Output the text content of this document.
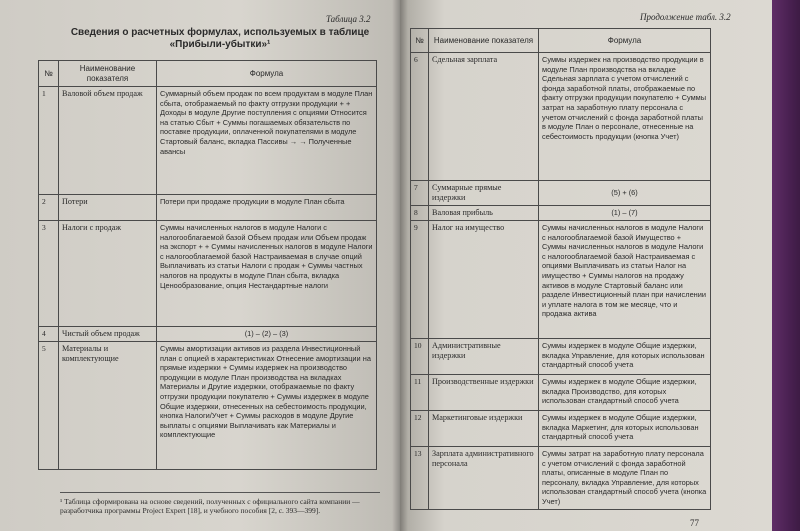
Таблица 3.2
Сведения о расчетных формулах, используемых в таблице
«Прибыли-убытки»¹
№	Наименование показателя	Формула
1	Валовой объем продаж	Суммарный объем продаж по всем продуктам в модуле План сбыта, отображаемый по факту отгрузки продукции + + Доходы в модуле Другие поступления с опциями Относится на статью Сбыт + Суммы погашаемых обязательств по поставке продукции, оплаченной покупателями в модуле Стартовый баланс, вкладка Пассивы → → Полученные авансы
2	Потери	Потери при продаже продукции в модуле План сбыта
3	Налоги с продаж	Суммы начисленных налогов в модуле Налоги с налогооблагаемой базой Объем продаж или Объем продаж на экспорт + + Суммы начисленных налогов в модуле Налоги с налогооблагаемой базой Настраиваемая в случае опций Выплачивать из статьи Налоги с продаж + Суммы частных налогов на продукты в модуле План сбыта, вкладка Ценообразование, опция Нестандартные налоги
4	Чистый объем продаж	(1) – (2) – (3)
5	Материалы и комплектующие	Суммы амортизации активов из раздела Инвестиционный план с опцией в характеристиках Отнесение амортизации на прямые издержки + Суммы издержек на производство продукции в модуле План производства на вкладках Материалы и Другие издержки, отображаемые по факту отгрузки продукции покупателю + Суммы издержек в модуле Общие издержки, отнесенных на себестоимость продукции, кнопка Налоги/Учет + Суммы расходов в модуле Другие выплаты с опциями Выплачивать как Материалы и комплектующие
¹ Таблица сформирована на основе сведений, полученных с официального сайта компании — разработчика программы Project Expert [18], и учебного пособия [2, с. 393—399].
Продолжение табл. 3.2
№	Наименование показателя	Формула
6	Сдельная зарплата	Суммы издержек на производство продукции в модуле План производства на вкладке Сдельная зарплата с учетом отчислений с фонда заработной платы, отображаемые по факту отгрузки продукции покупателю + Суммы затрат на заработную плату персонала с учетом отчислений с фонда заработной платы в модуле План о персонале, отнесенные на себестоимость продукции (кнопка Учет)
7	Суммарные прямые издержки	(5) + (6)
8	Валовая прибыль	(1) – (7)
9	Налог на имущество	Суммы начисленных налогов в модуле Налоги с налогооблагаемой базой Имущество + Суммы начисленных налогов в модуле Налоги с налогооблагаемой базой Настраиваемая с опциями Выплачивать из статьи Налог на имущество + Суммы налогов на продажу активов в модуле Стартовый баланс или разделе Инвестиционный план при начислении и уплате налога в том же месяце, что и продажа актива
10	Административные издержки	Суммы издержек в модуле Общие издержки, вкладка Управление, для которых использован стандартный способ учета
11	Производственные издержки	Суммы издержек в модуле Общие издержки, вкладка Производство, для которых использован стандартный способ учета
12	Маркетинговые издержки	Суммы издержек в модуле Общие издержки, вкладка Маркетинг, для которых использован стандартный способ учета
13	Зарплата административного персонала	Суммы затрат на заработную плату персонала с учетом отчислений с фонда заработной платы, описанные в модуле План по персоналу, вкладка Управление, для которых использован стандартный способ учета (кнопка Учет)
77
